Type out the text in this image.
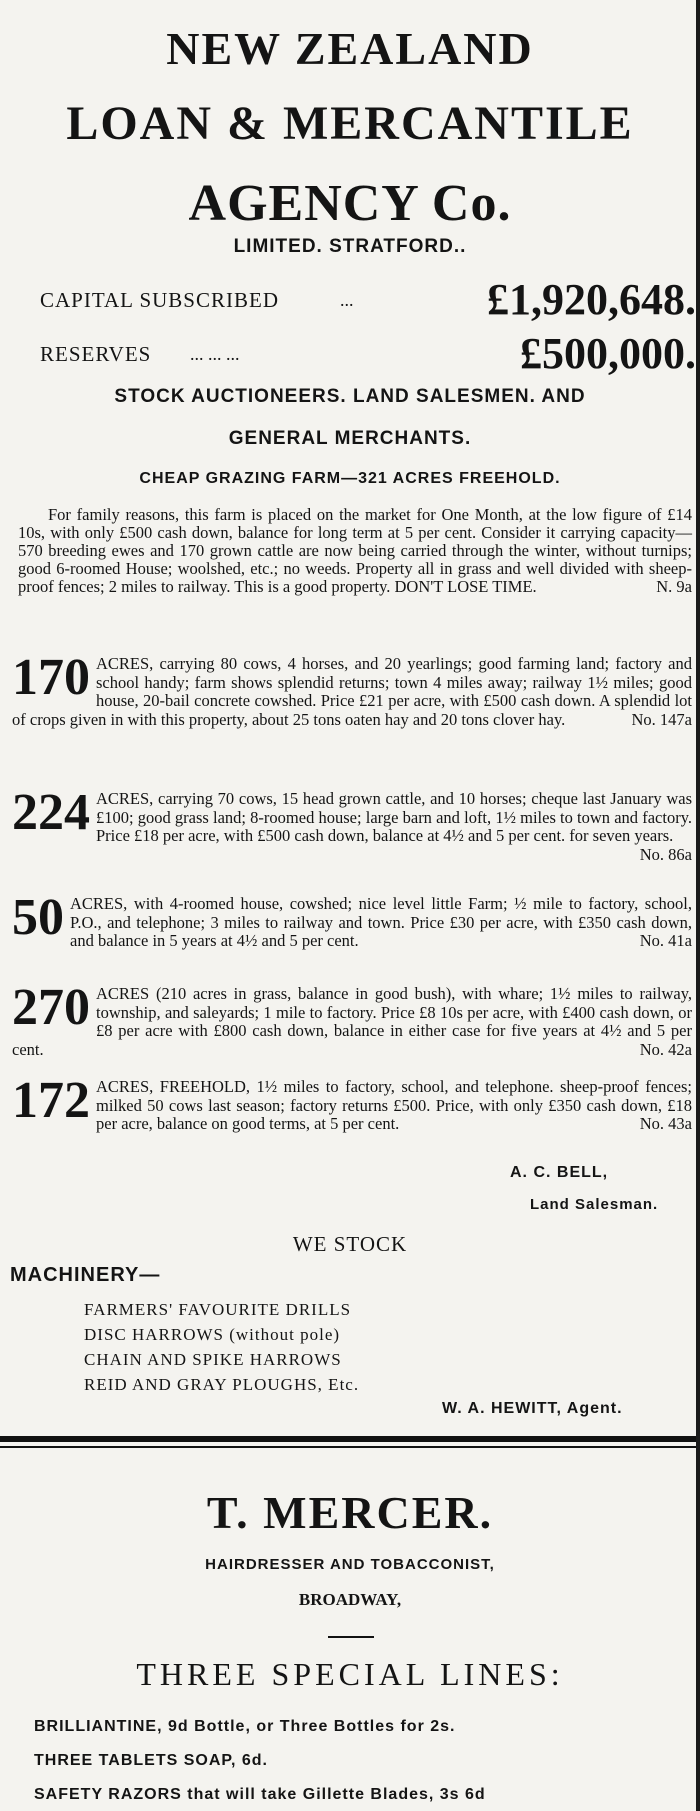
NEW ZEALAND
LOAN & MERCANTILE
AGENCY Co.
LIMITED. STRATFORD..
CAPITAL SUBSCRIBED	...	£1,920,648.
RESERVES ... ... ...	£500,000.
STOCK AUCTIONEERS. LAND SALESMEN. AND
GENERAL MERCHANTS.
CHEAP GRAZING FARM—321 ACRES FREEHOLD.
For family reasons, this farm is placed on the market for One Month, at the low figure of £14 10s, with only £500 cash down, balance for long term at 5 per cent. Consider it carrying capacity—570 breeding ewes and 170 grown cattle are now being carried through the winter, without turnips; good 6-roomed House; woolshed, etc.; no weeds. Property all in grass and well divided with sheep-proof fences; 2 miles to railway. This is a good property. DON'T LOSE TIME.	N. 9a
170 ACRES, carrying 80 cows, 4 horses, and 20 yearlings; good farming land; factory and school handy; farm shows splendid returns; town 4 miles away; railway 1½ miles; good house, 20-bail concrete cowshed. Price £21 per acre, with £500 cash down. A splendid lot of crops given in with this property, about 25 tons oaten hay and 20 tons clover hay.	No. 147a
224 ACRES, carrying 70 cows, 15 head grown cattle, and 10 horses; cheque last January was £100; good grass land; 8-roomed house; large barn and loft, 1½ miles to town and factory. Price £18 per acre, with £500 cash down, balance at 4½ and 5 per cent. for seven years.
No. 86a
50 ACRES, with 4-roomed house, cowshed; nice level little Farm; ½ mile to factory, school, P.O., and telephone; 3 miles to railway and town. Price £30 per acre, with £350 cash down, and balance in 5 years at 4½ and 5 per cent.	No. 41a
270 ACRES (210 acres in grass, balance in good bush), with whare; 1½ miles to railway, township, and saleyards; 1 mile to factory. Price £8 10s per acre, with £400 cash down, or £8 per acre with £800 cash down, balance in either case for five years at 4½ and 5 per cent.	No. 42a
172 ACRES, FREEHOLD, 1½ miles to factory, school, and telephone. sheep-proof fences; milked 50 cows last season; factory returns £500. Price, with only £350 cash down, £18 per acre, balance on good terms, at 5 per cent.	No. 43a
A. C. BELL,
Land Salesman.
WE STOCK
MACHINERY—
FARMERS' FAVOURITE DRILLS
DISC HARROWS (without pole)
CHAIN AND SPIKE HARROWS
REID AND GRAY PLOUGHS, Etc.
W. A. HEWITT, Agent.
T. MERCER.
HAIRDRESSER AND TOBACCONIST,
BROADWAY,
THREE SPECIAL LINES:
BRILLIANTINE, 9d Bottle, or Three Bottles for 2s.
THREE TABLETS SOAP, 6d.
SAFETY RAZORS that will take Gillette Blades, 3s 6d
